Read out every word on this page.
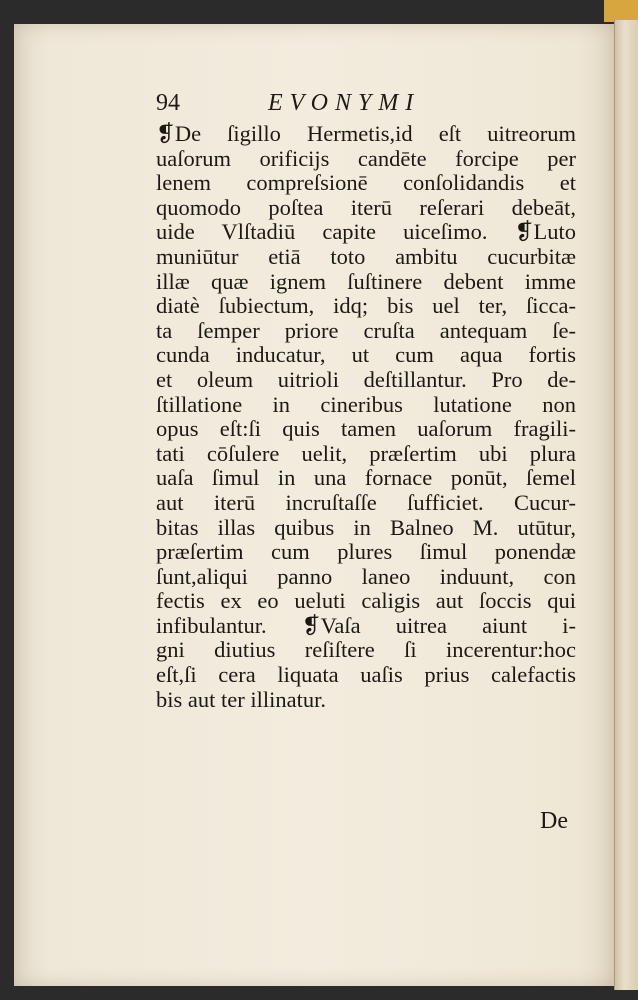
94	EVONYMI
❡De ſigillo Hermetis,id eſt uitreorum
uaſorum orificijs candēte forcipe per
lenem compreſsionē conſolidandis et
quomodo poſtea iterū reſerari debeāt,
uide Vlſtadiū capite uiceſimo. ❡Luto
muniūtur etiā toto ambitu cucurbitæ
illæ quæ ignem ſuſtinere debent imme
diatè ſubiectum, idq; bis uel ter, ſicca-
ta ſemper priore cruſta antequam ſe-
cunda inducatur, ut cum aqua fortis
et oleum uitrioli deſtillantur. Pro de-
ſtillatione in cineribus lutatione non
opus eſt:ſi quis tamen uaſorum fragili-
tati cōſulere uelit, præſertim ubi plura
uaſa ſimul in una fornace ponūt, ſemel
aut iterū incruſtaſſe ſufficiet. Cucur-
bitas illas quibus in Balneo M. utūtur,
præſertim cum plures ſimul ponendæ
ſunt,aliqui panno laneo induunt, con
fectis ex eo ueluti caligis aut ſoccis qui
infibulantur. ❡Vaſa uitrea aiunt i-
gni diutius reſiſtere ſi incerentur:hoc
eſt,ſi cera liquata uaſis prius calefactis
bis aut ter illinatur.
De
